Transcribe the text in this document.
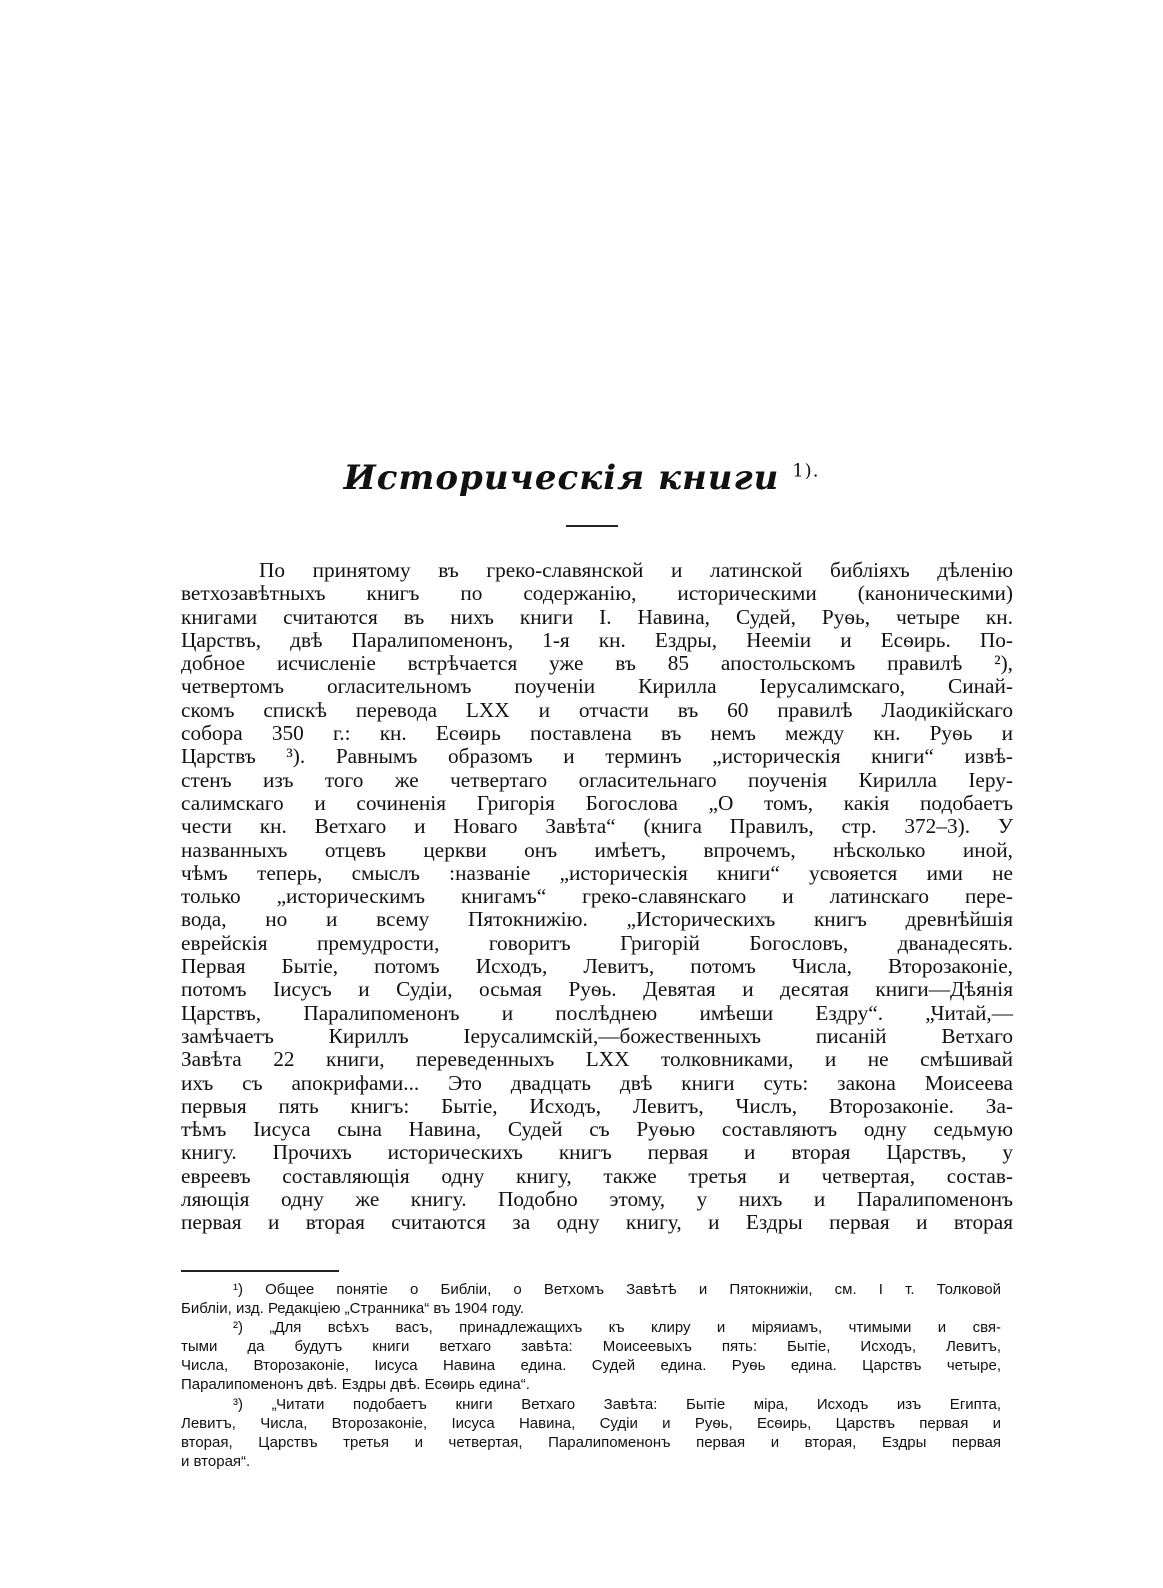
Историческія книги $^{1).}$
По принятому въ греко-славянской и латинской библіяхъ дѣленію
ветхозавѣтныхъ книгъ по содержанію, историческими (каноническими)
книгами считаются въ нихъ книги І. Навина, Судей, Руѳь, четыре кн.
Царствъ, двѣ Паралипоменонъ, 1-я кн. Ездры, Нееміи и Есѳирь. По-
добное исчисленіе встрѣчается уже въ 85 апостольскомъ правилѣ ²),
четвертомъ огласительномъ поученіи Кирилла Іерусалимскаго, Синай-
скомъ спискѣ перевода LXX и отчасти въ 60 правилѣ Лаодикійскаго
собора 350 г.: кн. Есѳирь поставлена въ немъ между кн. Руѳь и
Царствъ ³). Равнымъ образомъ и терминъ „историческія книги“ извѣ-
стенъ изъ того же четвертаго огласительнаго поученія Кирилла Іеру-
салимскаго и сочиненія Григорія Богослова „О томъ, какія подобаетъ
чести кн. Ветхаго и Новаго Завѣта“ (книга Правилъ, стр. 372–3). У
названныхъ отцевъ церкви онъ имѣетъ, впрочемъ, нѣсколько иной,
чѣмъ теперь, смыслъ :названіе „историческія книги“ усвояется ими не
только „историческимъ книгамъ“ греко-славянскаго и латинскаго пере-
вода, но и всему Пятокнижію. „Историческихъ книгъ древнѣйшія
еврейскія премудрости, говоритъ Григорій Богословъ, дванадесять.
Первая Бытіе, потомъ Исходъ, Левитъ, потомъ Числа, Второзаконіе,
потомъ Іисусъ и Судіи, осьмая Руѳь. Девятая и десятая книги—Дѣянія
Царствъ, Паралипоменонъ и послѣднею имѣеши Ездру“. „Читай,—
замѣчаетъ Кириллъ Іерусалимскій,—божественныхъ писаній Ветхаго
Завѣта 22 книги, переведенныхъ LXX толковниками, и не смѣшивай
ихъ съ апокрифами... Это двадцать двѣ книги суть: закона Моисеева
первыя пять книгъ: Бытіе, Исходъ, Левитъ, Числъ, Второзаконіе. За-
тѣмъ Іисуса сына Навина, Судей съ Руѳью составляютъ одну седьмую
книгу. Прочихъ историческихъ книгъ первая и вторая Царствъ, у
евреевъ составляющія одну книгу, также третья и четвертая, состав-
ляющія одну же книгу. Подобно этому, у нихъ и Паралипоменонъ
первая и вторая считаются за одну книгу, и Ездры первая и вторая
¹) Общее понятіе о Библіи, о Ветхомъ Завѣтѣ и Пятокнижіи, см. І т. Толковой
Библіи, изд. Редакціею „Странника“ въ 1904 году.
²) „Для всѣхъ васъ, принадлежащихъ къ клиру и міряиамъ, чтимыми и свя-
тыми да будутъ книги ветхаго завѣта: Моисеевыхъ пять: Бытіе, Исходъ, Левитъ,
Числа, Второзаконіе, Іисуса Навина едина. Судей едина. Руѳь едина. Царствъ четыре,
Паралипоменонъ двѣ. Ездры двѣ. Есѳирь едина“.
³) „Читати подобаетъ книги Ветхаго Завѣта: Бытіе міра, Исходъ изъ Египта,
Левитъ, Числа, Второзаконіе, Іисуса Навина, Судіи и Руѳь, Есѳирь, Царствъ первая и
вторая, Царствъ третья и четвертая, Паралипоменонъ первая и вторая, Ездры первая
и вторая“.
